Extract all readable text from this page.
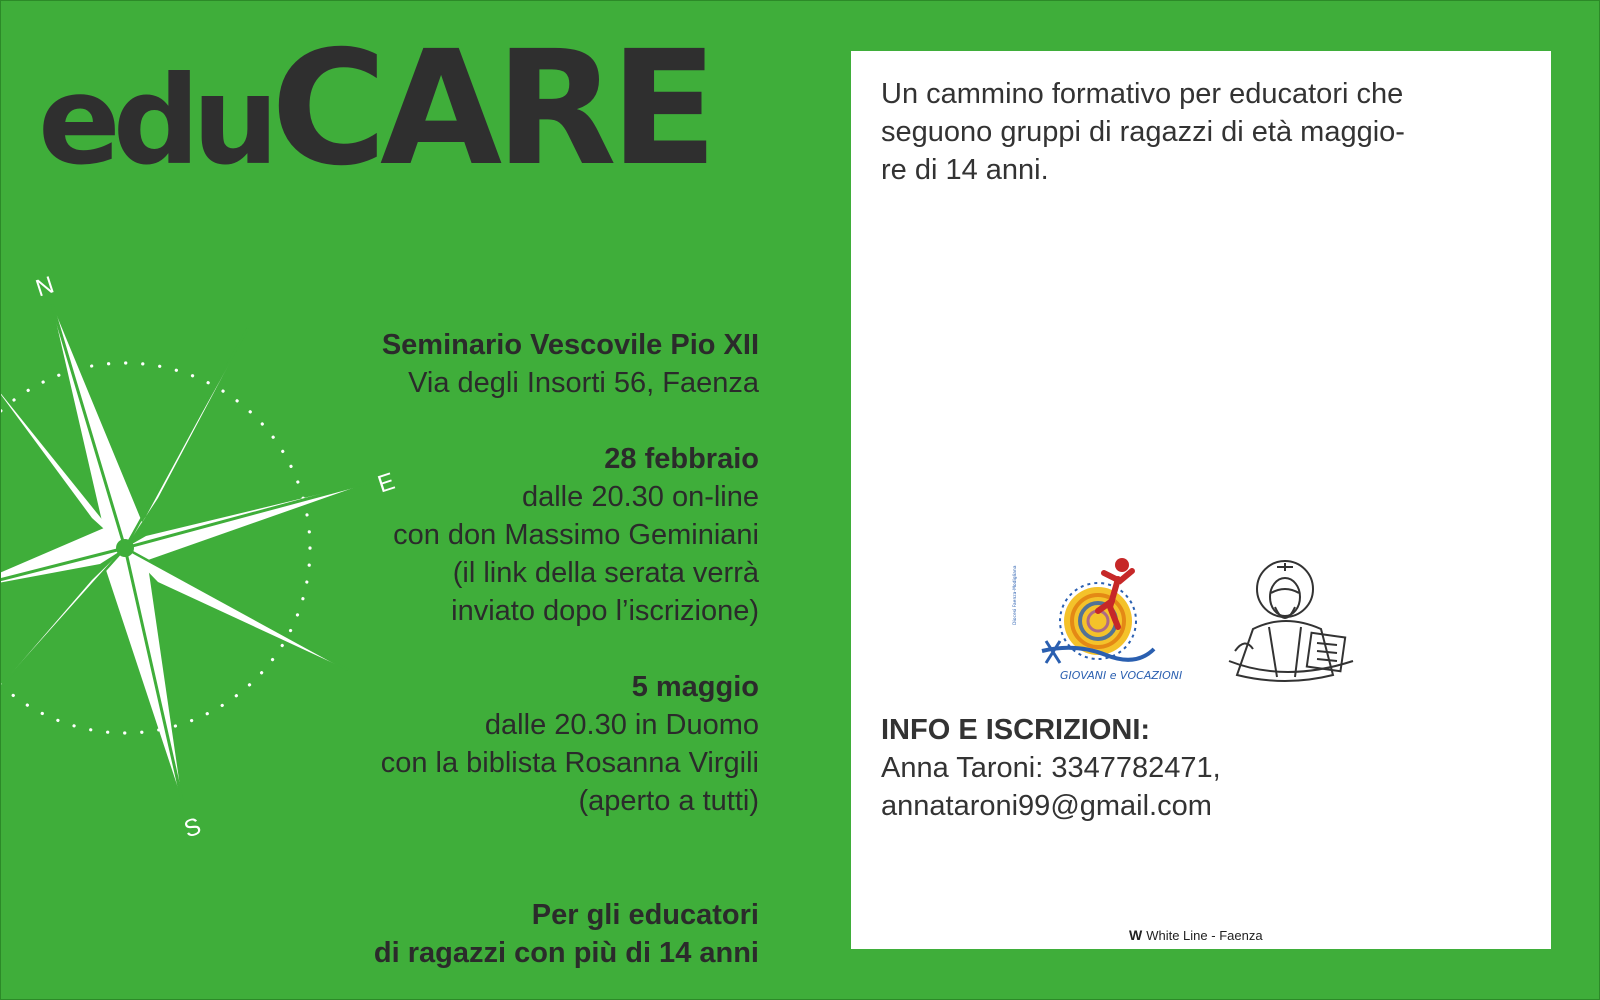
eduCARE
N
E
S
Seminario Vescovile Pio XII
Via degli Insorti 56, Faenza
28 febbraio
dalle 20.30 on-line
con don Massimo Geminiani
(il link della serata verrà
inviato dopo l’iscrizione)
5 maggio
dalle 20.30 in Duomo
con la biblista Rosanna Virgili
(aperto a tutti)
Per gli educatori
di ragazzi con più di 14 anni
Un cammino formativo per educatori che
seguono gruppi di ragazzi di età maggio-
re di 14 anni.
GIOVANI e VOCAZIONI
Diocesi Faenza-Modigliana
INFO E ISCRIZIONI:
Anna Taroni: 3347782471,
annataroni99@gmail.com
W White Line - Faenza
